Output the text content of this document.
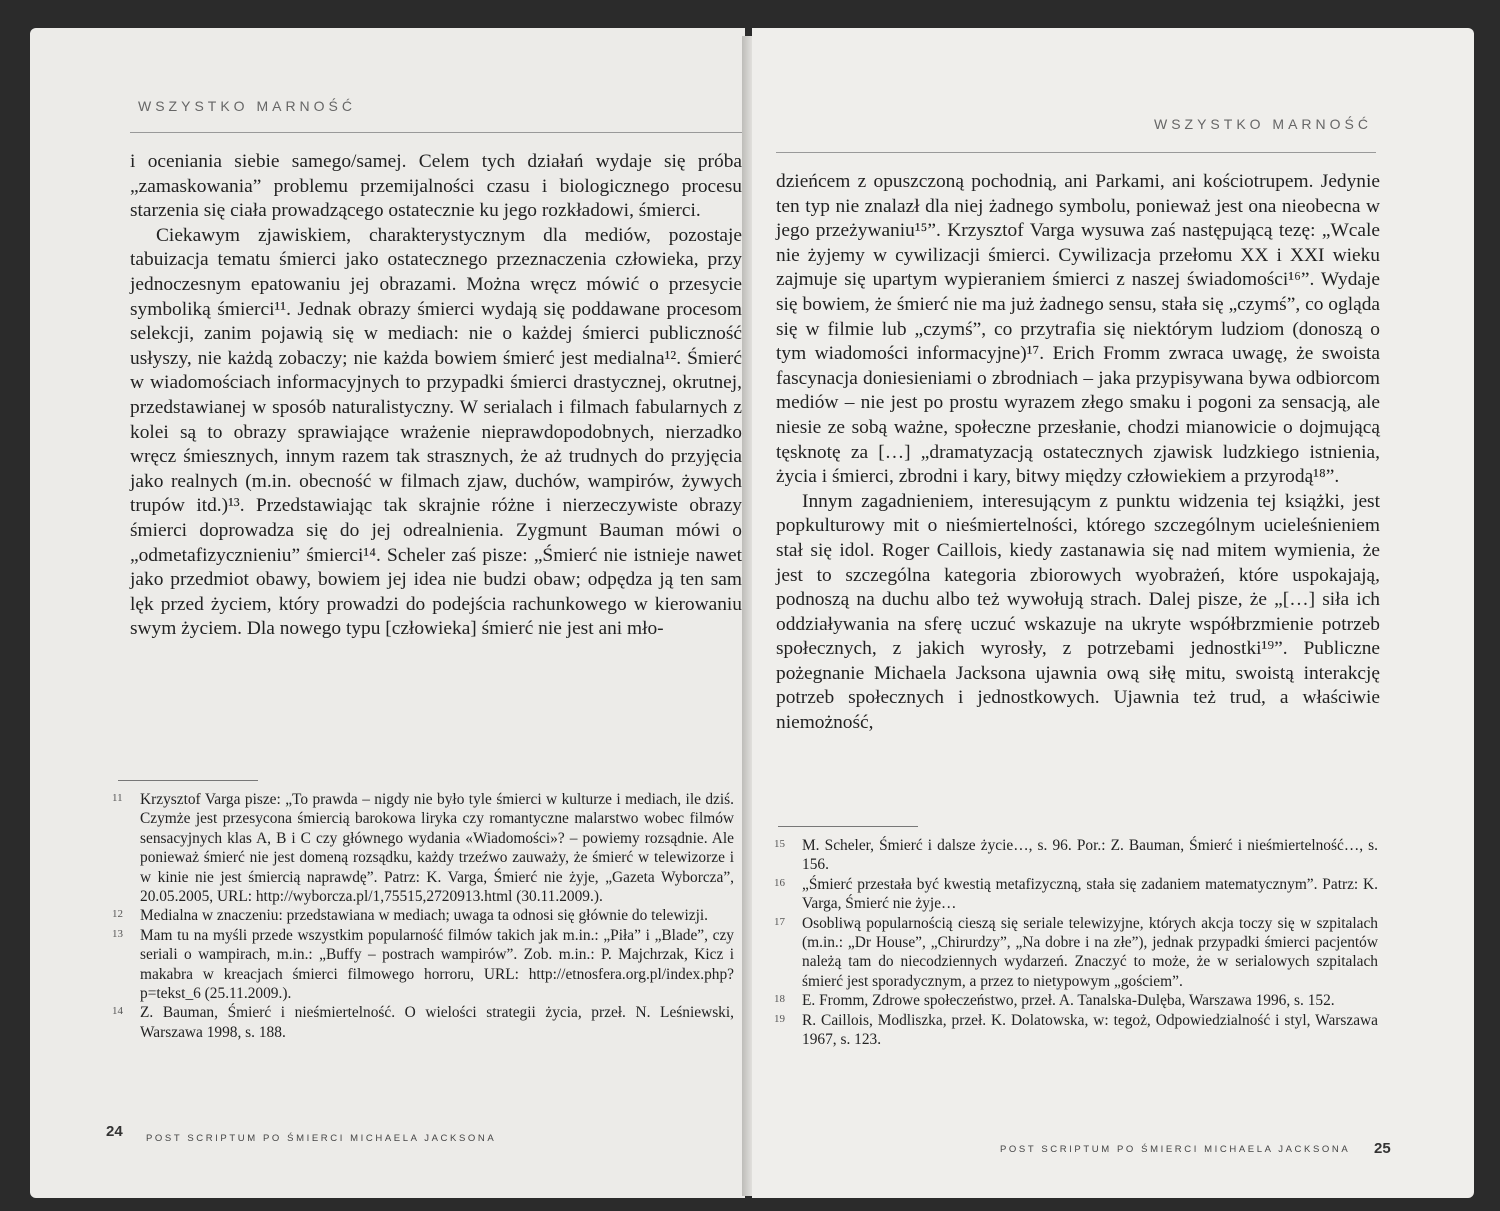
WSZYSTKO MARNOŚĆ

i oceniania siebie samego/samej. Celem tych działań wydaje się próba „zamaskowania” problemu przemijalności czasu i biologicznego procesu starzenia się ciała prowadzącego ostatecznie ku jego rozkładowi, śmierci.

Ciekawym zjawiskiem, charakterystycznym dla mediów, pozostaje tabuizacja tematu śmierci jako ostatecznego przeznaczenia człowieka, przy jednoczesnym epatowaniu jej obrazami. Można wręcz mówić o przesycie symboliką śmierci¹¹. Jednak obrazy śmierci wydają się poddawane procesom selekcji, zanim pojawią się w mediach: nie o każdej śmierci publiczność usłyszy, nie każdą zobaczy; nie każda bowiem śmierć jest medialna¹². Śmierć w wiadomościach informacyjnych to przypadki śmierci drastycznej, okrutnej, przedstawianej w sposób naturalistyczny. W serialach i filmach fabularnych z kolei są to obrazy sprawiające wrażenie nieprawdopodobnych, nierzadko wręcz śmiesznych, innym razem tak strasznych, że aż trudnych do przyjęcia jako realnych (m.in. obecność w filmach zjaw, duchów, wampirów, żywych trupów itd.)¹³. Przedstawiając tak skrajnie różne i nierzeczywiste obrazy śmierci doprowadza się do jej odrealnienia. Zygmunt Bauman mówi o „odmetafizycznieniu” śmierci¹⁴. Scheler zaś pisze: „Śmierć nie istnieje nawet jako przedmiot obawy, bowiem jej idea nie budzi obaw; odpędza ją ten sam lęk przed życiem, który prowadzi do podejścia rachunkowego w kierowaniu swym życiem. Dla nowego typu [człowieka] śmierć nie jest ani mło-

11	Krzysztof Varga pisze: „To prawda – nigdy nie było tyle śmierci w kulturze i mediach, ile dziś. Czymże jest przesycona śmiercią barokowa liryka czy romantyczne malarstwo wobec filmów sensacyjnych klas A, B i C czy głównego wydania «Wiadomości»? – powiemy rozsądnie. Ale ponieważ śmierć nie jest domeną rozsądku, każdy trzeźwo zauważy, że śmierć w telewizorze i w kinie nie jest śmiercią naprawdę”. Patrz: K. Varga, Śmierć nie żyje, „Gazeta Wyborcza”, 20.05.2005, URL: http://wyborcza.pl/1,75515,2720913.html (30.11.2009.).
12	Medialna w znaczeniu: przedstawiana w mediach; uwaga ta odnosi się głównie do telewizji.
13	Mam tu na myśli przede wszystkim popularność filmów takich jak m.in.: „Piła” i „Blade”, czy seriali o wampirach, m.in.: „Buffy – postrach wampirów”. Zob. m.in.: P. Majchrzak, Kicz i makabra w kreacjach śmierci filmowego horroru, URL: http://etnosfera.org.pl/index.php?p=tekst_6 (25.11.2009.).
14	Z. Bauman, Śmierć i nieśmiertelność. O wielości strategii życia, przeł. N. Leśniewski, Warszawa 1998, s. 188.
24 POST SCRIPTUM PO ŚMIERCI MICHAELA JACKSONA
WSZYSTKO MARNOŚĆ

dzieńcem z opuszczoną pochodnią, ani Parkami, ani kościotrupem. Jedynie ten typ nie znalazł dla niej żadnego symbolu, ponieważ jest ona nieobecna w jego przeżywaniu¹⁵”. Krzysztof Varga wysuwa zaś następującą tezę: „Wcale nie żyjemy w cywilizacji śmierci. Cywilizacja przełomu XX i XXI wieku zajmuje się upartym wypieraniem śmierci z naszej świadomości¹⁶”. Wydaje się bowiem, że śmierć nie ma już żadnego sensu, stała się „czymś”, co ogląda się w filmie lub „czymś”, co przytrafia się niektórym ludziom (donoszą o tym wiadomości informacyjne)¹⁷. Erich Fromm zwraca uwagę, że swoista fascynacja doniesieniami o zbrodniach – jaka przypisywana bywa odbiorcom mediów – nie jest po prostu wyrazem złego smaku i pogoni za sensacją, ale niesie ze sobą ważne, społeczne przesłanie, chodzi mianowicie o dojmującą tęsknotę za […] „dramatyzacją ostatecznych zjawisk ludzkiego istnienia, życia i śmierci, zbrodni i kary, bitwy między człowiekiem a przyrodą¹⁸”.

Innym zagadnieniem, interesującym z punktu widzenia tej książki, jest popkulturowy mit o nieśmiertelności, którego szczególnym ucieleśnieniem stał się idol. Roger Caillois, kiedy zastanawia się nad mitem wymienia, że jest to szczególna kategoria zbiorowych wyobrażeń, które uspokajają, podnoszą na duchu albo też wywołują strach. Dalej pisze, że „[…] siła ich oddziaływania na sferę uczuć wskazuje na ukryte współbrzmienie potrzeb społecznych, z jakich wyrosły, z potrzebami jednostki¹⁹”. Publiczne pożegnanie Michaela Jacksona ujawnia ową siłę mitu, swoistą interakcję potrzeb społecznych i jednostkowych. Ujawnia też trud, a właściwie niemożność,

15	M. Scheler, Śmierć i dalsze życie…, s. 96. Por.: Z. Bauman, Śmierć i nieśmiertelność…, s. 156.
16	„Śmierć przestała być kwestią metafizyczną, stała się zadaniem matematycznym”. Patrz: K. Varga, Śmierć nie żyje…
17	Osobliwą popularnością cieszą się seriale telewizyjne, których akcja toczy się w szpitalach (m.in.: „Dr House”, „Chirurdzy”, „Na dobre i na złe”), jednak przypadki śmierci pacjentów należą tam do niecodziennych wydarzeń. Znaczyć to może, że w serialowych szpitalach śmierć jest sporadycznym, a przez to nietypowym „gościem”.
18	E. Fromm, Zdrowe społeczeństwo, przeł. A. Tanalska-Dulęba, Warszawa 1996, s. 152.
19	R. Caillois, Modliszka, przeł. K. Dolatowska, w: tegoż, Odpowiedzialność i styl, Warszawa 1967, s. 123.
POST SCRIPTUM PO ŚMIERCI MICHAELA JACKSONA 25
